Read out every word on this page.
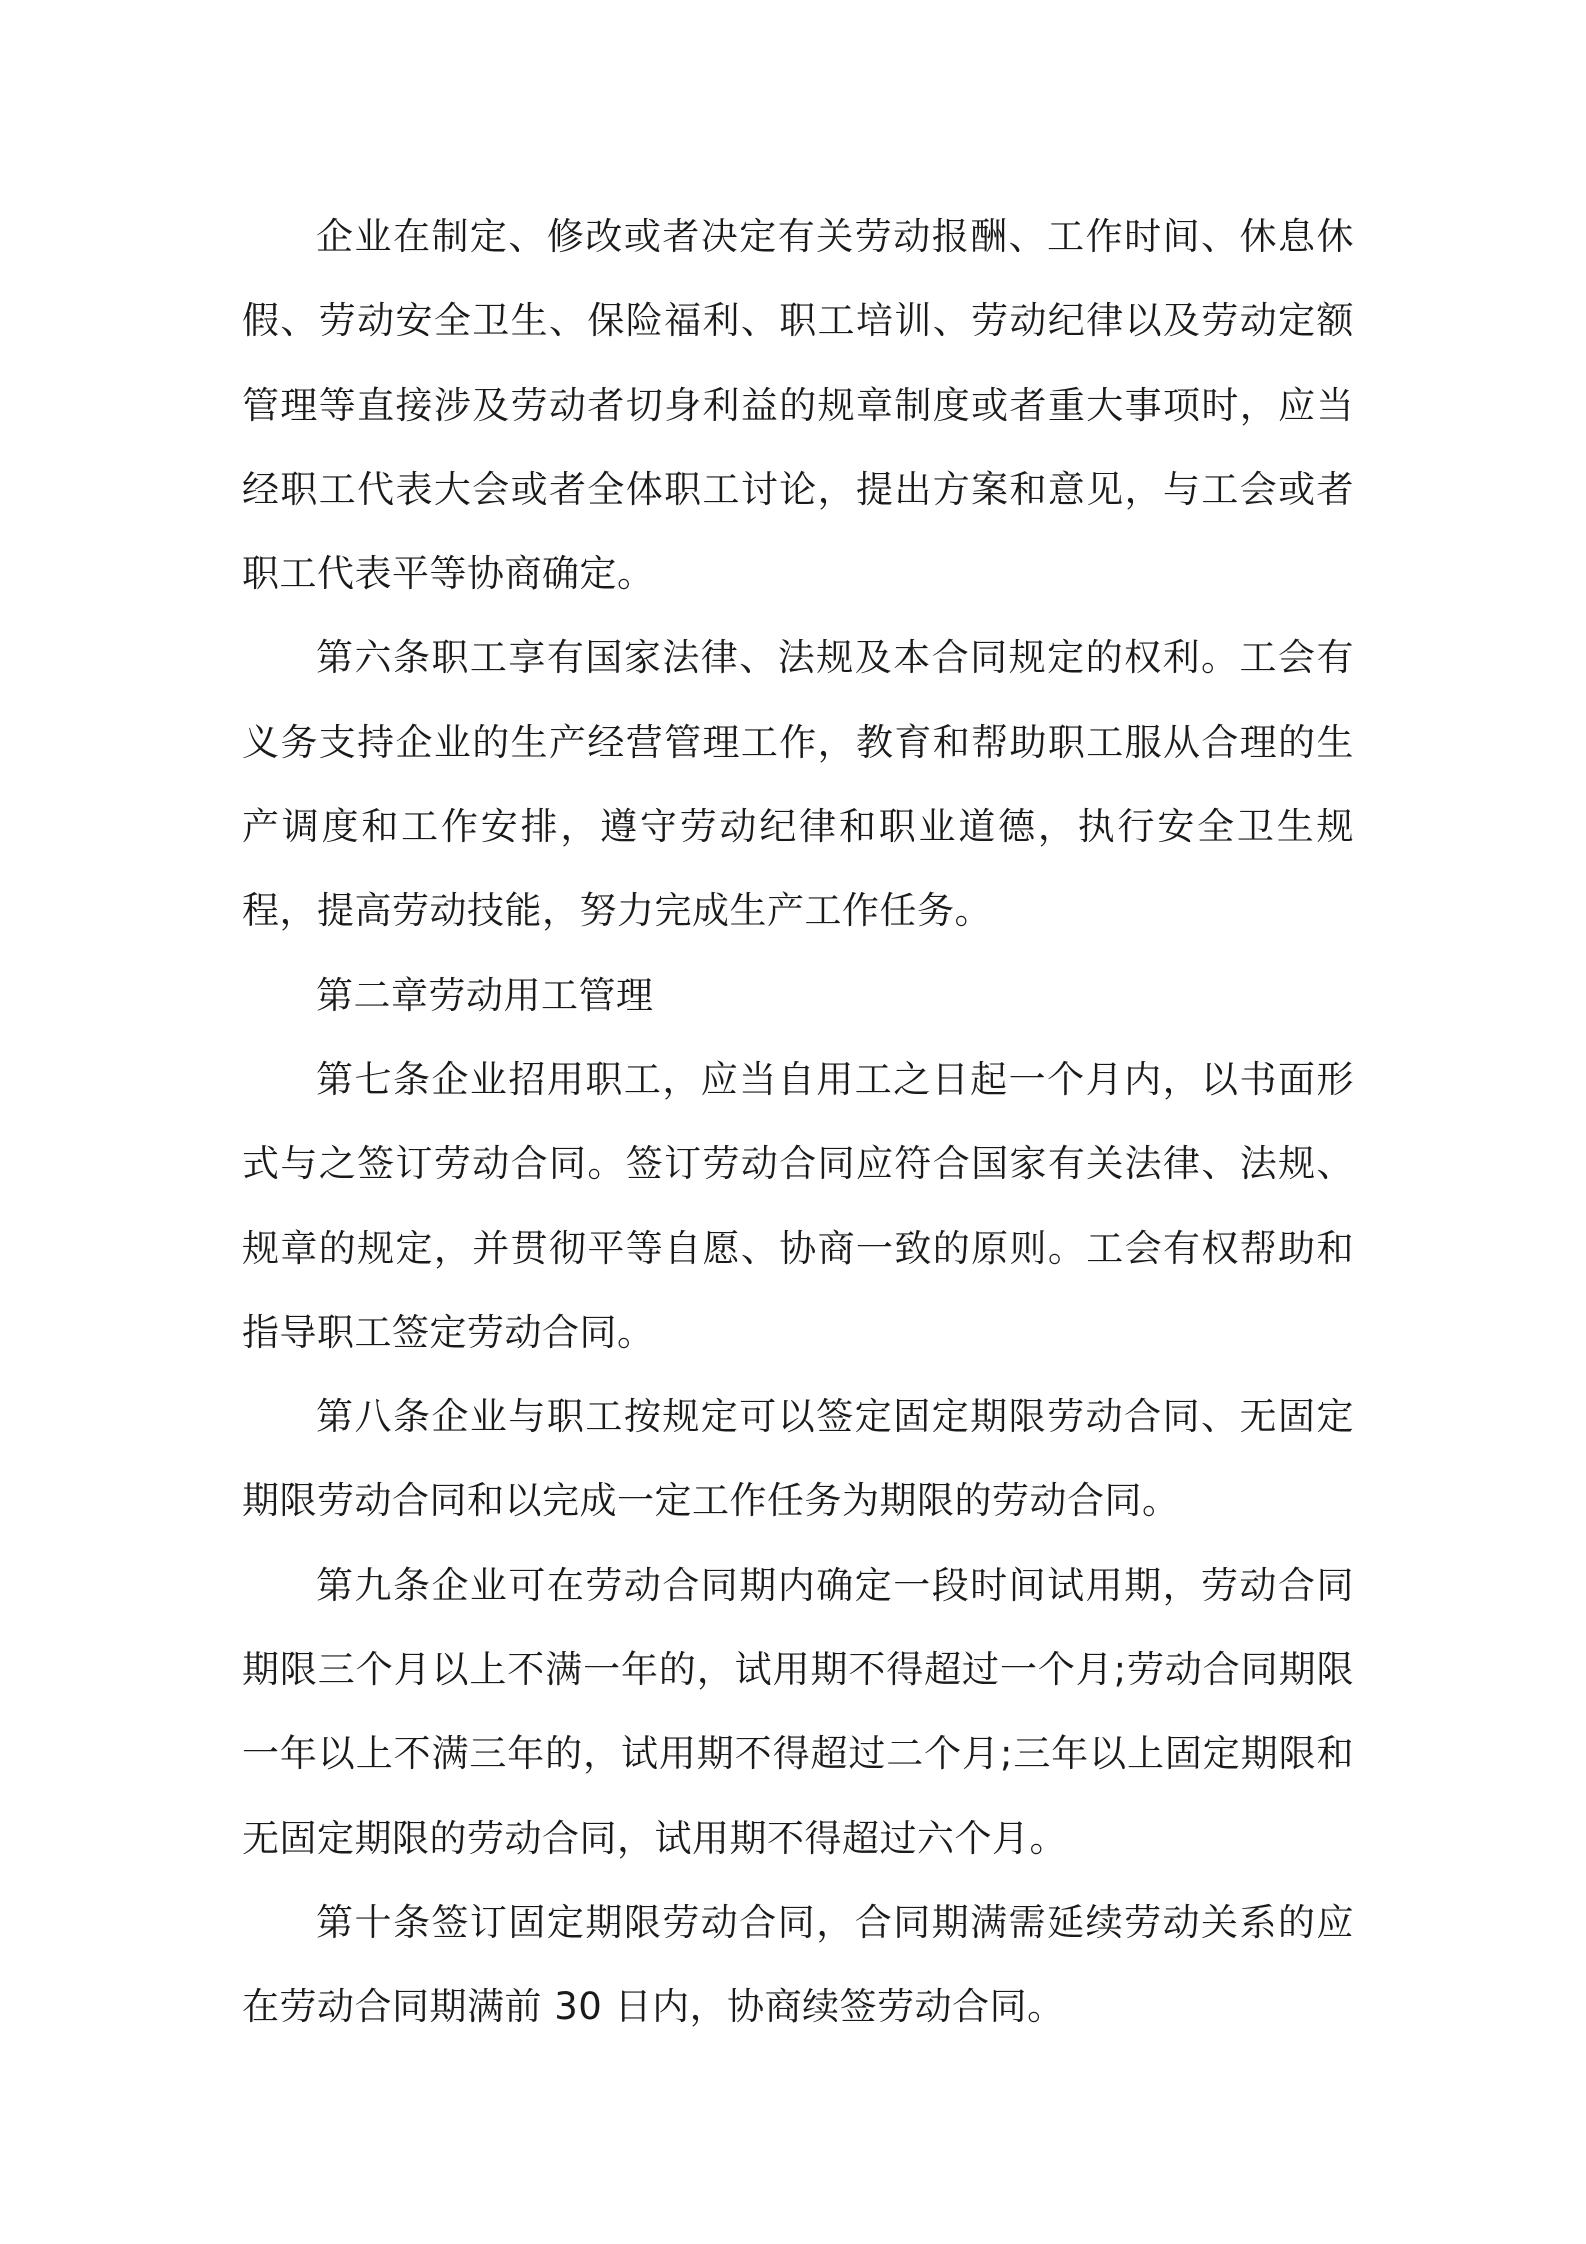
企业在制定、修改或者决定有关劳动报酬、工作时间、休息休假、劳动安全卫生、保险福利、职工培训、劳动纪律以及劳动定额管理等直接涉及劳动者切身利益的规章制度或者重大事项时，应当经职工代表大会或者全体职工讨论，提出方案和意见，与工会或者职工代表平等协商确定。

第六条职工享有国家法律、法规及本合同规定的权利。工会有义务支持企业的生产经营管理工作，教育和帮助职工服从合理的生产调度和工作安排，遵守劳动纪律和职业道德，执行安全卫生规程，提高劳动技能，努力完成生产工作任务。

第二章劳动用工管理

第七条企业招用职工，应当自用工之日起一个月内，以书面形式与之签订劳动合同。签订劳动合同应符合国家有关法律、法规、规章的规定，并贯彻平等自愿、协商一致的原则。工会有权帮助和指导职工签定劳动合同。

第八条企业与职工按规定可以签定固定期限劳动合同、无固定期限劳动合同和以完成一定工作任务为期限的劳动合同。

第九条企业可在劳动合同期内确定一段时间试用期，劳动合同期限三个月以上不满一年的，试用期不得超过一个月;劳动合同期限一年以上不满三年的，试用期不得超过二个月;三年以上固定期限和无固定期限的劳动合同，试用期不得超过六个月。

第十条签订固定期限劳动合同，合同期满需延续劳动关系的应在劳动合同期满前 30 日内，协商续签劳动合同。
